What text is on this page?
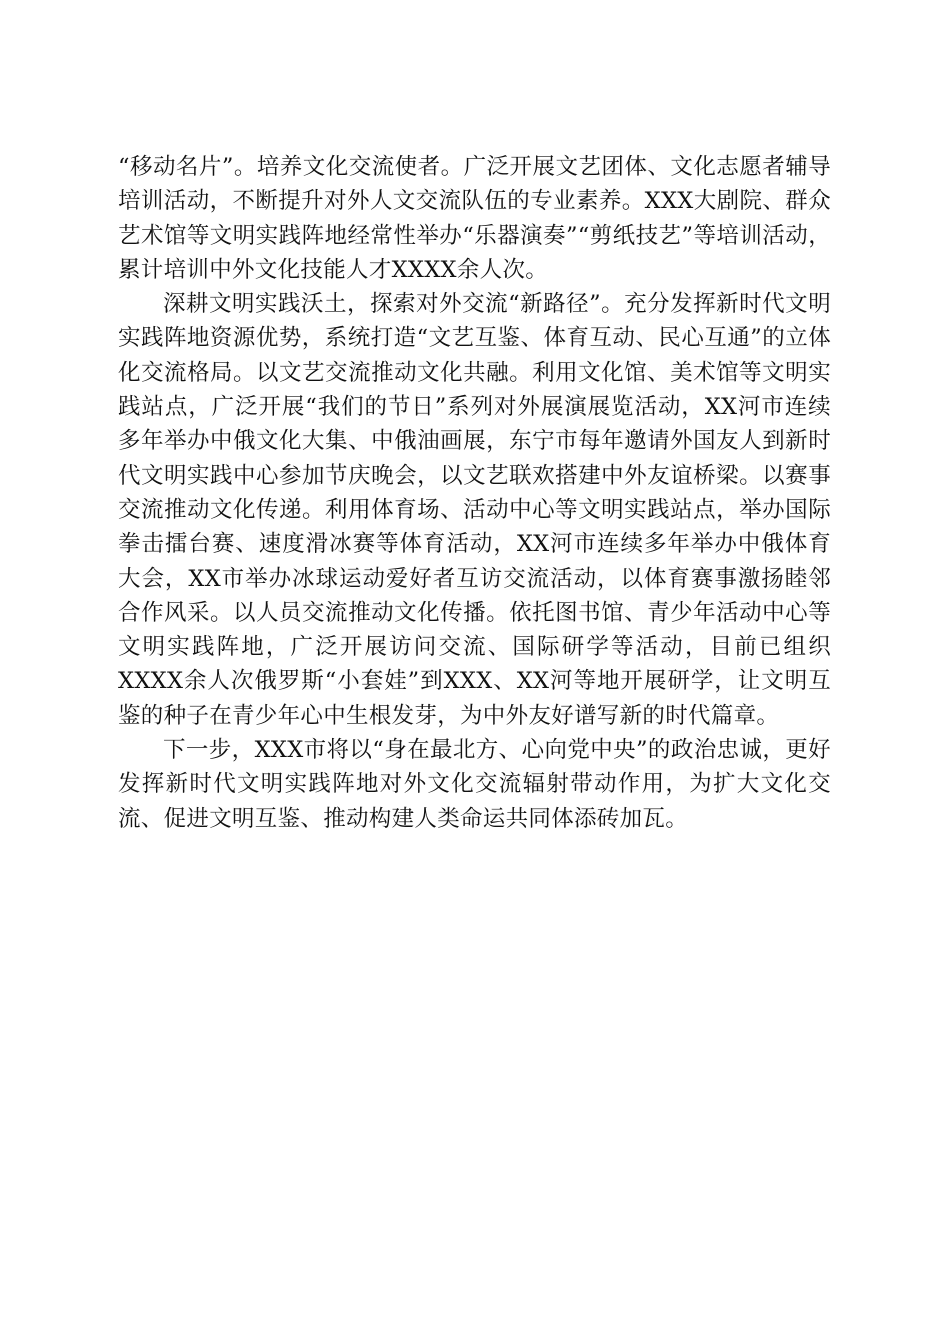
“移动名片”。培养文化交流使者。广泛开展文艺团体、文化志愿者辅导培训活动，不断提升对外人文交流队伍的专业素养。XXX大剧院、群众艺术馆等文明实践阵地经常性举办“乐器演奏”“剪纸技艺”等培训活动，累计培训中外文化技能人才XXXX余人次。

深耕文明实践沃土，探索对外交流“新路径”。充分发挥新时代文明实践阵地资源优势，系统打造“文艺互鉴、体育互动、民心互通”的立体化交流格局。以文艺交流推动文化共融。利用文化馆、美术馆等文明实践站点，广泛开展“我们的节日”系列对外展演展览活动，XX河市连续多年举办中俄文化大集、中俄油画展，东宁市每年邀请外国友人到新时代文明实践中心参加节庆晚会，以文艺联欢搭建中外友谊桥梁。以赛事交流推动文化传递。利用体育场、活动中心等文明实践站点，举办国际拳击擂台赛、速度滑冰赛等体育活动，XX河市连续多年举办中俄体育大会，XX市举办冰球运动爱好者互访交流活动，以体育赛事激扬睦邻合作风采。以人员交流推动文化传播。依托图书馆、青少年活动中心等文明实践阵地，广泛开展访问交流、国际研学等活动，目前已组织XXXX余人次俄罗斯“小套娃”到XXX、XX河等地开展研学，让文明互鉴的种子在青少年心中生根发芽，为中外友好谱写新的时代篇章。

下一步，XXX市将以“身在最北方、心向党中央”的政治忠诚，更好发挥新时代文明实践阵地对外文化交流辐射带动作用，为扩大文化交流、促进文明互鉴、推动构建人类命运共同体添砖加瓦。
